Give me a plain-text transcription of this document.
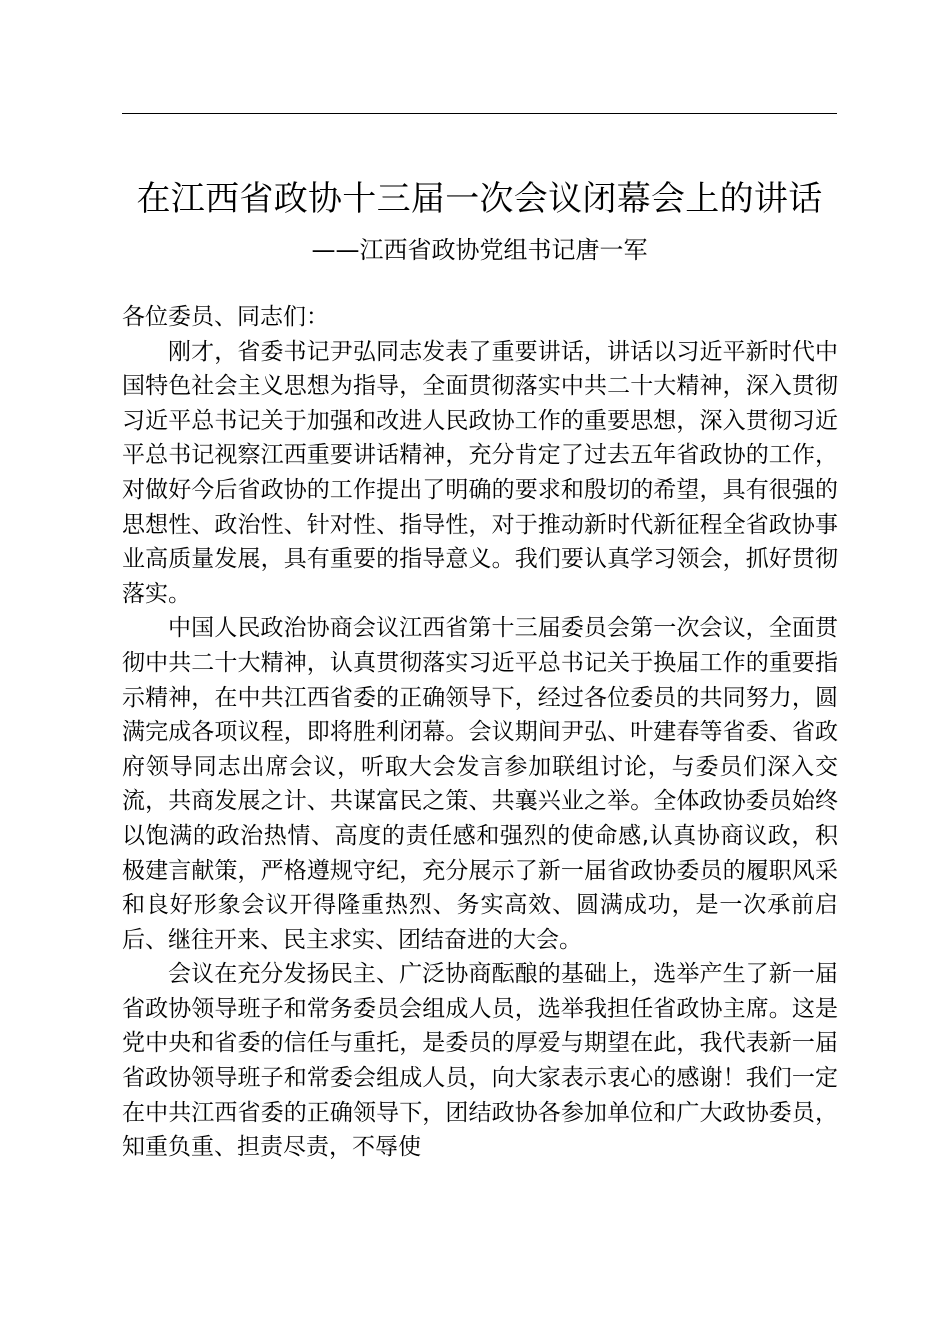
在江西省政协十三届一次会议闭幕会上的讲话
——江西省政协党组书记唐一军

各位委员、同志们：

刚才，省委书记尹弘同志发表了重要讲话，讲话以习近平新时代中国特色社会主义思想为指导，全面贯彻落实中共二十大精神，深入贯彻习近平总书记关于加强和改进人民政协工作的重要思想，深入贯彻习近平总书记视察江西重要讲话精神，充分肯定了过去五年省政协的工作，对做好今后省政协的工作提出了明确的要求和殷切的希望，具有很强的思想性、政治性、针对性、指导性，对于推动新时代新征程全省政协事业高质量发展，具有重要的指导意义。我们要认真学习领会，抓好贯彻落实。

中国人民政治协商会议江西省第十三届委员会第一次会议，全面贯彻中共二十大精神，认真贯彻落实习近平总书记关于换届工作的重要指示精神，在中共江西省委的正确领导下，经过各位委员的共同努力，圆满完成各项议程，即将胜利闭幕。会议期间尹弘、叶建春等省委、省政府领导同志出席会议，听取大会发言参加联组讨论，与委员们深入交流，共商发展之计、共谋富民之策、共襄兴业之举。全体政协委员始终以饱满的政治热情、高度的责任感和强烈的使命感,认真协商议政，积极建言献策，严格遵规守纪，充分展示了新一届省政协委员的履职风采和良好形象会议开得隆重热烈、务实高效、圆满成功，是一次承前启后、继往开来、民主求实、团结奋进的大会。

会议在充分发扬民主、广泛协商酝酿的基础上，选举产生了新一届省政协领导班子和常务委员会组成人员，选举我担任省政协主席。这是党中央和省委的信任与重托，是委员的厚爱与期望在此，我代表新一届省政协领导班子和常委会组成人员，向大家表示衷心的感谢！我们一定在中共江西省委的正确领导下，团结政协各参加单位和广大政协委员，知重负重、担责尽责，不辱使
